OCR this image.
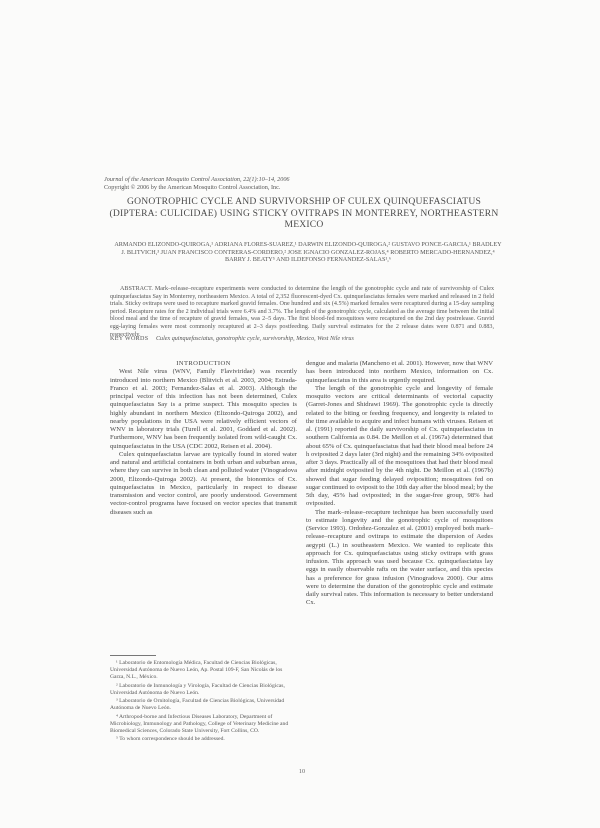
Journal of the American Mosquito Control Association, 22(1):10–14, 2006
Copyright © 2006 by the American Mosquito Control Association, Inc.
GONOTROPHIC CYCLE AND SURVIVORSHIP OF CULEX QUINQUEFASCIATUS (DIPTERA: CULICIDAE) USING STICKY OVITRAPS IN MONTERREY, NORTHEASTERN MEXICO
ARMANDO ELIZONDO-QUIROGA,¹ ADRIANA FLORES-SUAREZ,¹ DARWIN ELIZONDO-QUIROGA,² GUSTAVO PONCE-GARCIA,¹ BRADLEY J. BLITVICH,³ JUAN FRANCISCO CONTRERAS-CORDERO,² JOSE IGNACIO GONZALEZ-ROJAS,⁴ ROBERTO MERCADO-HERNANDEZ,⁴ BARRY J. BEATY⁵ AND ILDEFONSO FERNANDEZ-SALAS¹,⁶
ABSTRACT. Mark–release–recapture experiments were conducted to determine the length of the gonotrophic cycle and rate of survivorship of Culex quinquefasciatus Say in Monterrey, northeastern Mexico. A total of 2,352 fluorescent-dyed Cx. quinquefasciatus females were marked and released in 2 field trials. Sticky ovitraps were used to recapture marked gravid females. One hundred and six (4.5%) marked females were recaptured during a 15-day sampling period. Recapture rates for the 2 individual trials were 6.4% and 3.7%. The length of the gonotrophic cycle, calculated as the average time between the initial blood meal and the time of recapture of gravid females, was 2–5 days. The first blood-fed mosquitoes were recaptured on the 2nd day postrelease. Gravid egg-laying females were most commonly recaptured at 2–3 days postfeeding. Daily survival estimates for the 2 release dates were 0.871 and 0.883, respectively.
KEY WORDS Culex quinquefasciatus, gonotrophic cycle, survivorship, Mexico, West Nile virus

INTRODUCTION

West Nile virus (WNV, Family Flaviviridae) was recently introduced into northern Mexico (Blitvich et al. 2003, 2004; Estrada-Franco et al. 2003; Fernandez-Salas et al. 2003). Although the principal vector of this infection has not been determined, Culex quinquefasciatus Say is a prime suspect. This mosquito species is highly abundant in northern Mexico (Elizondo-Quiroga 2002), and nearby populations in the USA were relatively efficient vectors of WNV in laboratory trials (Turell et al. 2001, Goddard et al. 2002). Furthermore, WNV has been frequently isolated from wild-caught Cx. quinquefasciatus in the USA (CDC 2002, Reisen et al. 2004).

Culex quinquefasciatus larvae are typically found in stored water and natural and artificial containers in both urban and suburban areas, where they can survive in both clean and polluted water (Vinogradova 2000, Elizondo-Quiroga 2002). At present, the bionomics of Cx. quinquefasciatus in Mexico, particularly in respect to disease transmission and vector control, are poorly understood. Government vector-control programs have focused on vector species that transmit diseases such as

¹ Laboratorio de Entomología Médica, Facultad de Ciencias Biológicas, Universidad Autónoma de Nuevo León, Ap. Postal 109-F, San Nicolás de los Garza, N.L., México.

² Laboratorio de Inmunología y Virología, Facultad de Ciencias Biológicas, Universidad Autónoma de Nuevo León.

³ Laboratorio de Ornitología, Facultad de Ciencias Biológicas, Universidad Autónoma de Nuevo León.

⁴ Arthropod-borne and Infectious Diseases Laboratory, Department of Microbiology, Immunology and Pathology, College of Veterinary Medicine and Biomedical Sciences, Colorado State University, Fort Collins, CO.

⁵ To whom correspondence should be addressed.

dengue and malaria (Mancheno et al. 2001). However, now that WNV has been introduced into northern Mexico, information on Cx. quinquefasciatus in this area is urgently required.

The length of the gonotrophic cycle and longevity of female mosquito vectors are critical determinants of vectorial capacity (Garret-Jones and Shidrawi 1969). The gonotrophic cycle is directly related to the biting or feeding frequency, and longevity is related to the time available to acquire and infect humans with viruses. Reisen et al. (1991) reported the daily survivorship of Cx. quinquefasciatus in southern California as 0.84. De Meillon et al. (1967a) determined that about 65% of Cx. quinquefasciatus that had their blood meal before 24 h oviposited 2 days later (3rd night) and the remaining 34% oviposited after 3 days. Practically all of the mosquitoes that had their blood meal after midnight oviposited by the 4th night. De Meillon et al. (1967b) showed that sugar feeding delayed oviposition; mosquitoes fed on sugar continued to oviposit to the 10th day after the blood meal; by the 5th day, 45% had oviposited; in the sugar-free group, 98% had oviposited.

The mark–release–recapture technique has been successfully used to estimate longevity and the gonotrophic cycle of mosquitoes (Service 1993). Ordoñez-Gonzalez et al. (2001) employed both mark–release–recapture and ovitraps to estimate the dispersion of Aedes aegypti (L.) in southeastern Mexico. We wanted to replicate this approach for Cx. quinquefasciatus using sticky ovitraps with grass infusion. This approach was used because Cx. quinquefasciatus lay eggs in easily observable rafts on the water surface, and this species has a preference for grass infusion (Vinogradova 2000). Our aims were to determine the duration of the gonotrophic cycle and estimate daily survival rates. This information is necessary to better understand Cx.

10
